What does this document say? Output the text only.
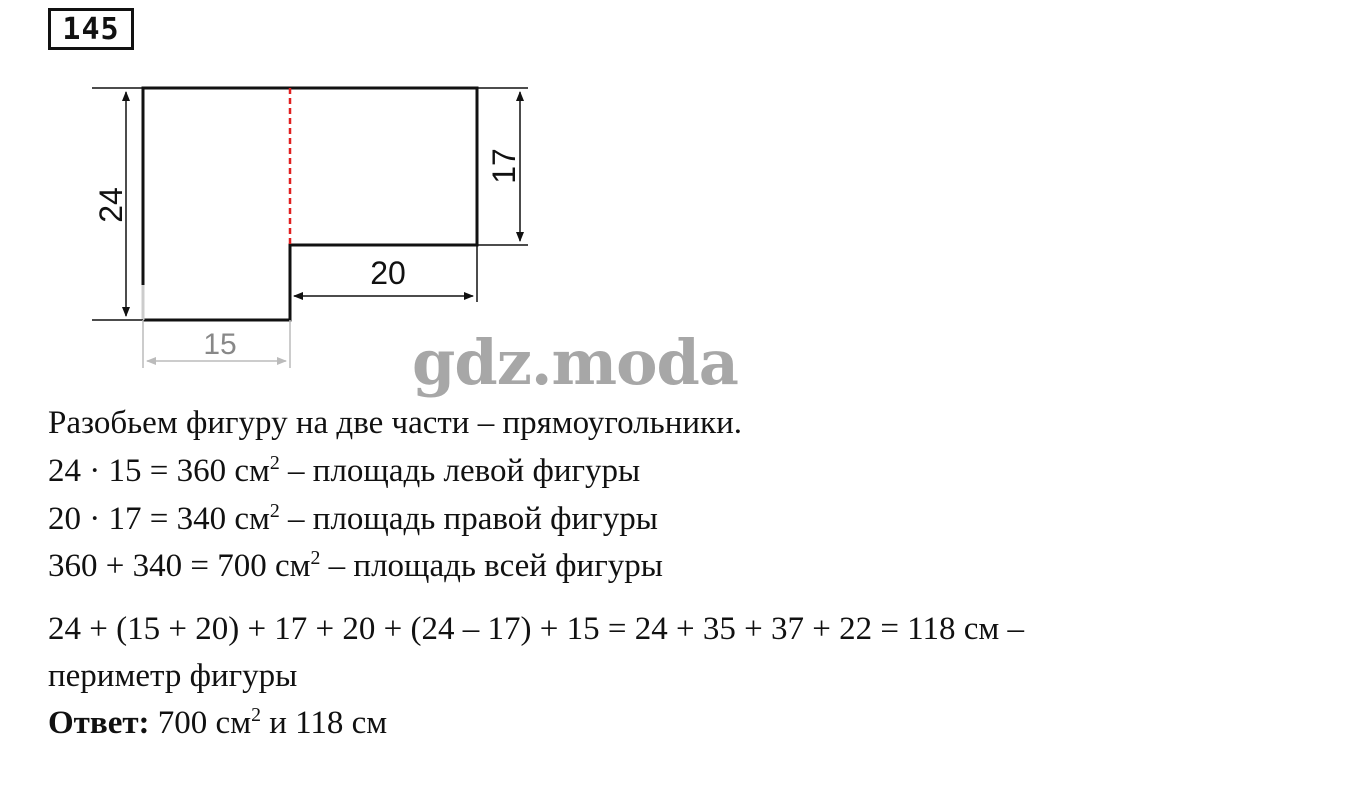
145
24
17
20
15	gdz.moda
Разобьем фигуру на две части – прямоугольники.
24 · 15 = 360 $см^2$ – площадь левой фигуры
20 · 17 = 340 $см^2$ – площадь правой фигуры
360 + 340 = 700 $см^2$ – площадь всей фигуры
24 + (15 + 20) + 17 + 20 + (24 – 17) + 15 = 24 + 35 + 37 + 22 = 118 см –
периметр фигуры
Ответ: 700 $см^2$ и 118 см
